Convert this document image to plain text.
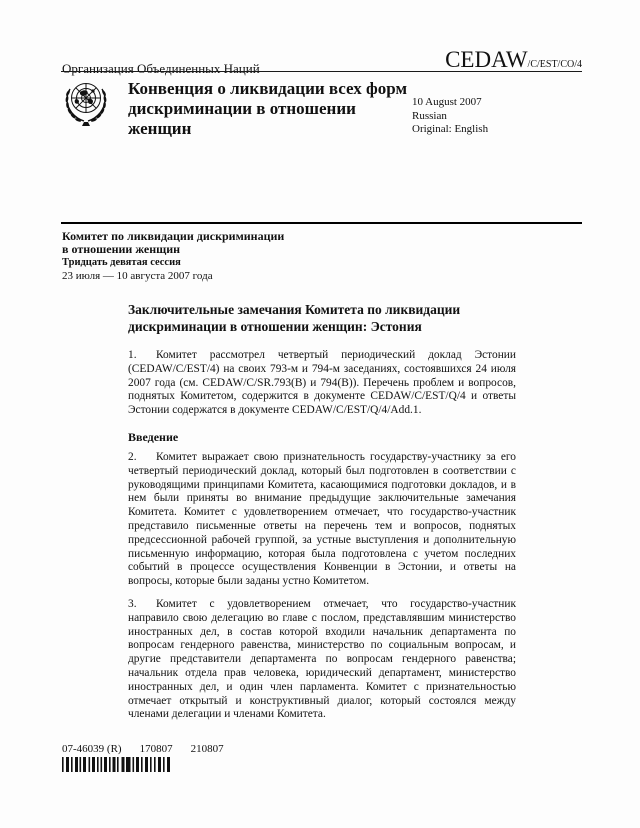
Организация Объединенных Наций	CEDAW/C/EST/CO/4
Конвенция о ликвидации всех форм дискриминации в отношении женщин
10 August 2007
Russian
Original: English
Комитет по ликвидации дискриминации
в отношении женщин
Тридцать девятая сессия
23 июля — 10 августа 2007 года
Заключительные замечания Комитета по ликвидации дискриминации в отношении женщин: Эстония

1. Комитет рассмотрел четвертый периодический доклад Эстонии (CEDAW/C/EST/4) на своих 793-м и 794-м заседаниях, состоявшихся 24 июля 2007 года (см. CEDAW/C/SR.793(B) и 794(B)). Перечень проблем и вопросов, поднятых Комитетом, содержится в документе CEDAW/C/EST/Q/4 и ответы Эстонии содержатся в документе CEDAW/C/EST/Q/4/Add.1.

Введение

2. Комитет выражает свою признательность государству-участнику за его четвертый периодический доклад, который был подготовлен в соответствии с руководящими принципами Комитета, касающимися подготовки докладов, и в нем были приняты во внимание предыдущие заключительные замечания Комитета. Комитет с удовлетворением отмечает, что государство-участник представило письменные ответы на перечень тем и вопросов, поднятых предсессионной рабочей группой, за устные выступления и дополнительную письменную информацию, которая была подготовлена с учетом последних событий в процессе осуществления Конвенции в Эстонии, и ответы на вопросы, которые были заданы устно Комитетом.

3. Комитет с удовлетворением отмечает, что государство-участник направило свою делегацию во главе с послом, представлявшим министерство иностранных дел, в состав которой входили начальник департамента по вопросам гендерного равенства, министерство по социальным вопросам, и другие представители департамента по вопросам гендерного равенства; начальник отдела прав человека, юридический департамент, министерство иностранных дел, и один член парламента. Комитет с признательностью отмечает открытый и конструктивный диалог, который состоялся между членами делегации и членами Комитета.

07-46039 (R) 170807 210807
